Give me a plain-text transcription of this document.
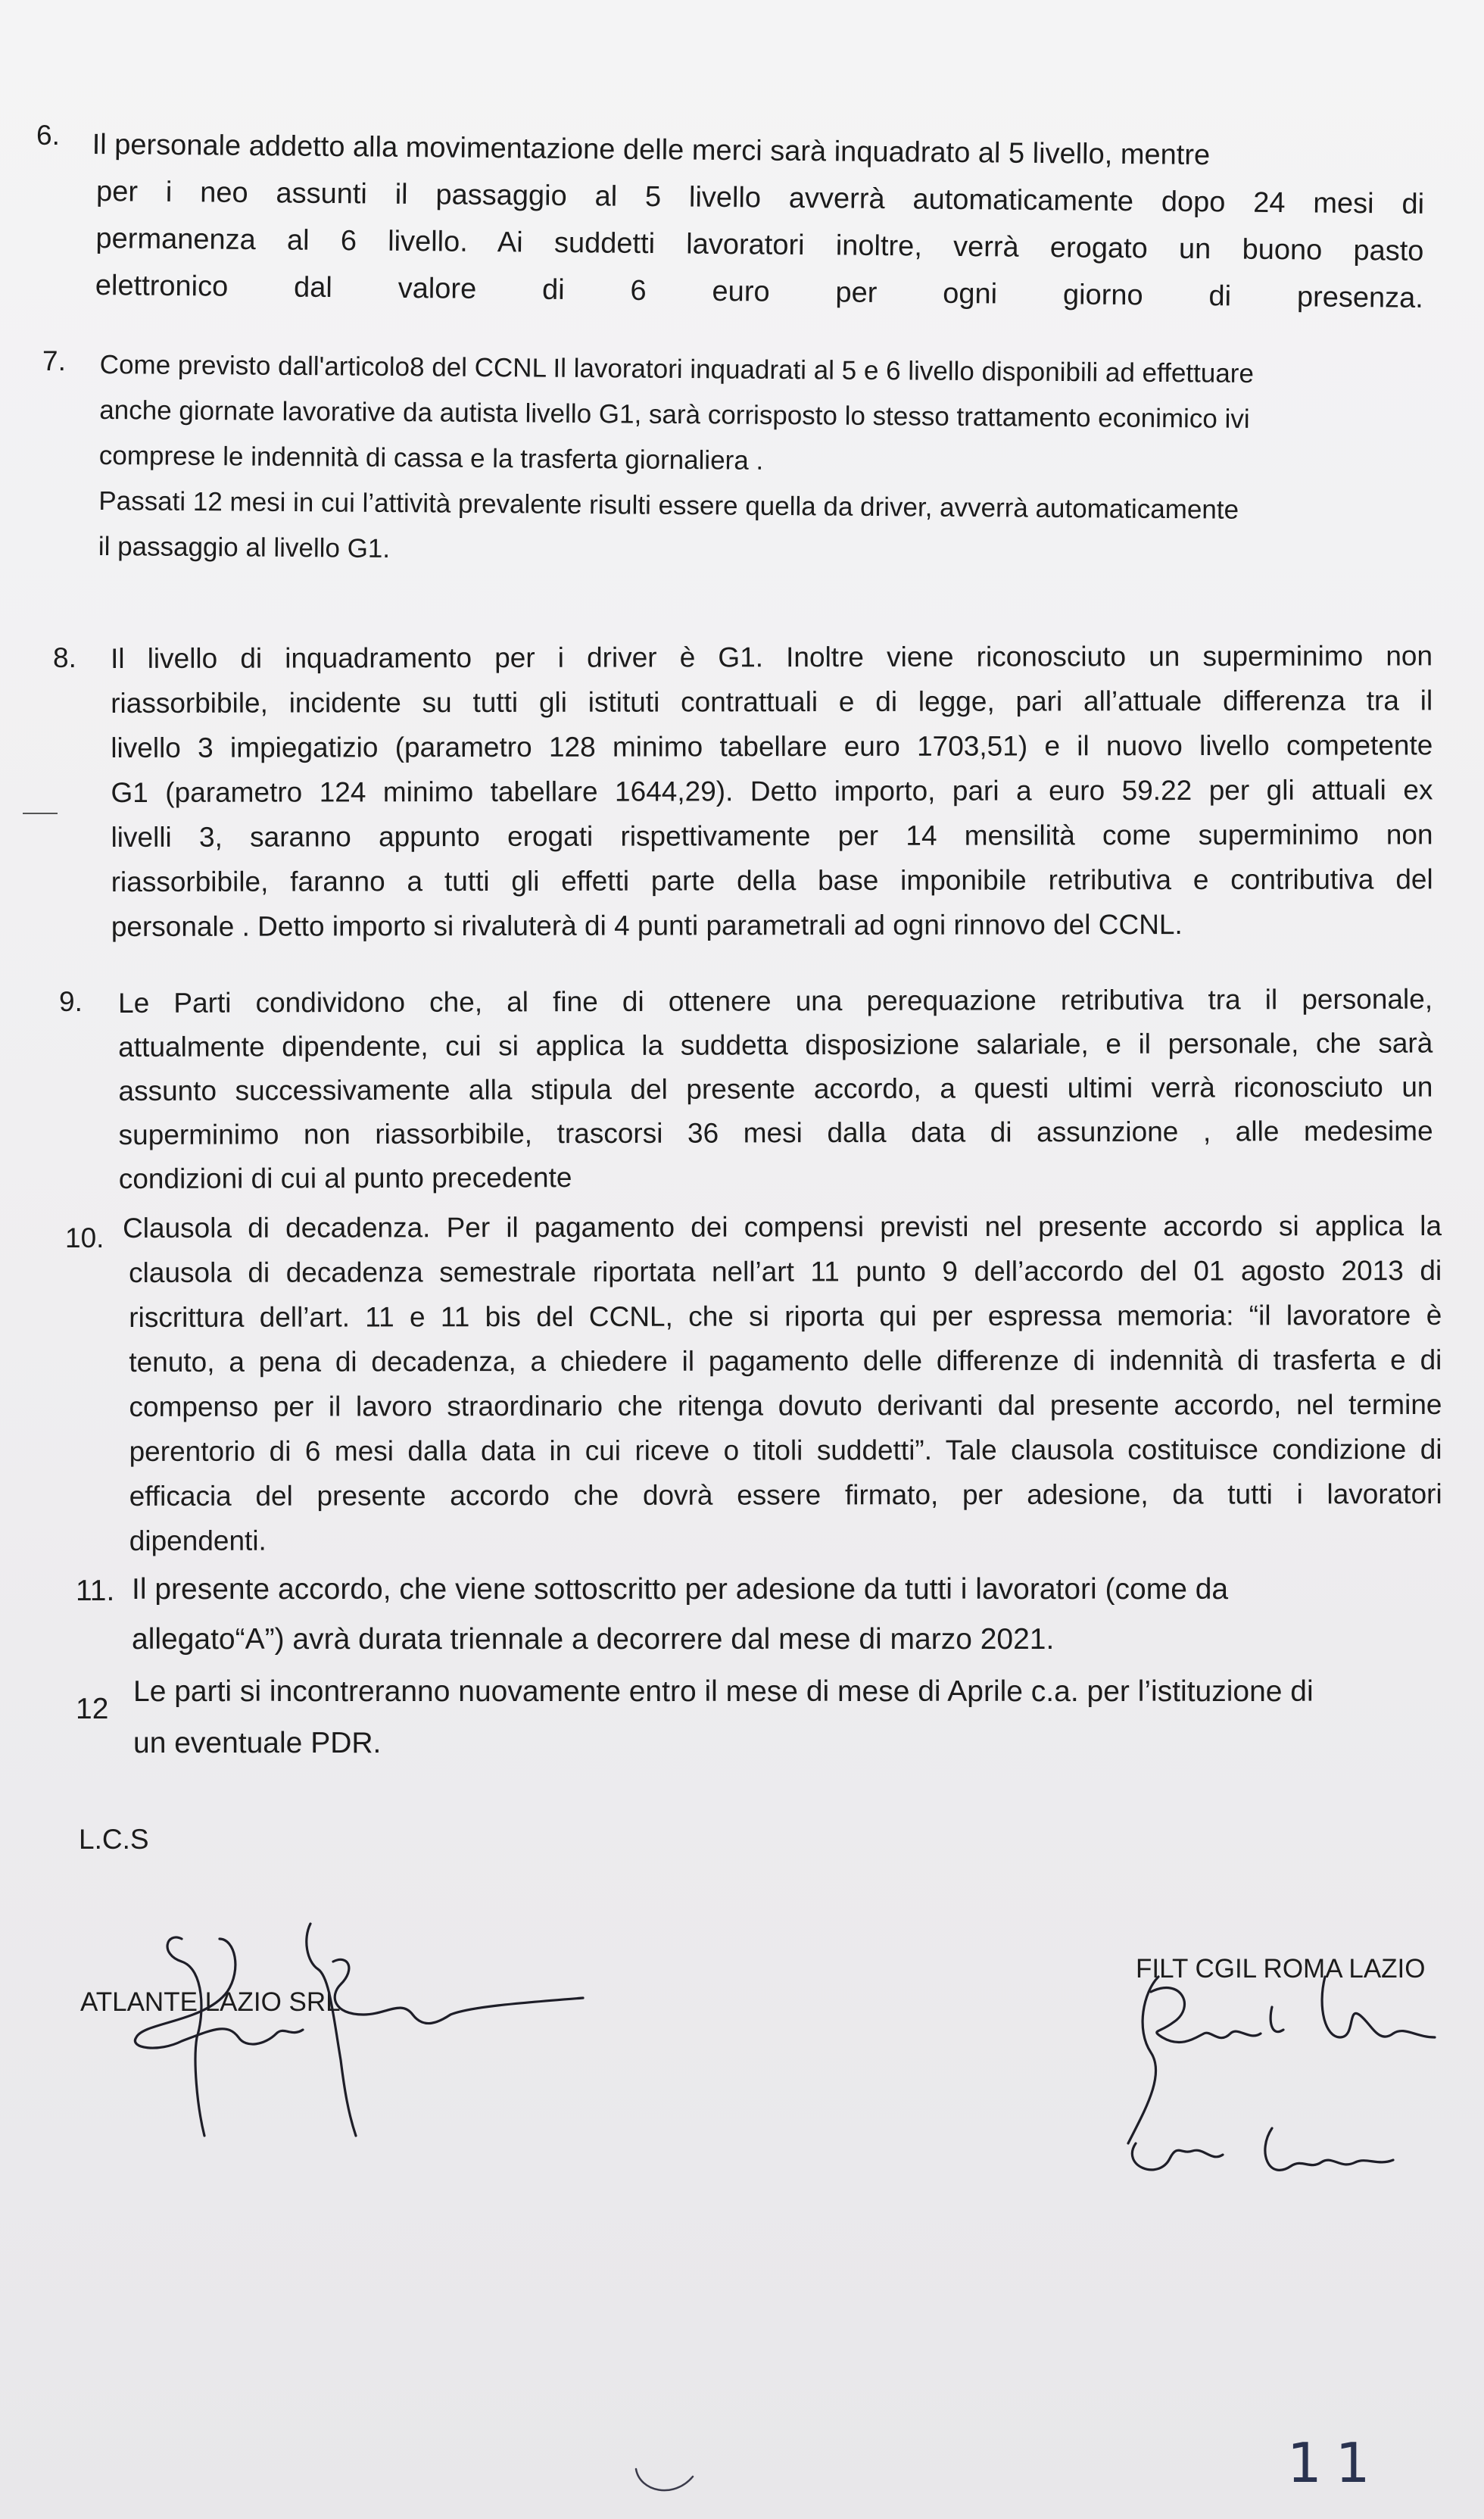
6. Il personale addetto alla movimentazione delle merci sarà inquadrato al 5 livello, mentre
per i neo assunti il passaggio al 5 livello avverrà automaticamente dopo 24 mesi di
permanenza al 6 livello. Ai suddetti lavoratori inoltre, verrà erogato un buono pasto
elettronico dal valore di 6 euro per ogni giorno di presenza.
7. Come previsto dall'articolo8 del CCNL Il lavoratori inquadrati al 5 e 6 livello disponibili ad effettuare
anche giornate lavorative da autista livello G1, sarà corrisposto lo stesso trattamento econimico ivi
comprese le indennità di cassa e la trasferta giornaliera .
Passati 12 mesi in cui l’attività prevalente risulti essere quella da driver, avverrà automaticamente
il passaggio al livello G1.
8. Il livello di inquadramento per i driver è G1. Inoltre viene riconosciuto un superminimo non
riassorbibile, incidente su tutti gli istituti contrattuali e di legge, pari all’attuale differenza tra il
livello 3 impiegatizio (parametro 128 minimo tabellare euro 1703,51) e il nuovo livello competente
G1 (parametro 124 minimo tabellare 1644,29). Detto importo, pari a euro 59.22 per gli attuali ex
livelli 3, saranno appunto erogati rispettivamente per 14 mensilità come superminimo non
riassorbibile, faranno a tutti gli effetti parte della base imponibile retributiva e contributiva del
personale . Detto importo si rivaluterà di 4 punti parametrali ad ogni rinnovo del CCNL.
9. Le Parti condividono che, al fine di ottenere una perequazione retributiva tra il personale,
attualmente dipendente, cui si applica la suddetta disposizione salariale, e il personale, che sarà
assunto successivamente alla stipula del presente accordo, a questi ultimi verrà riconosciuto un
superminimo non riassorbibile, trascorsi 36 mesi dalla data di assunzione , alle medesime
condizioni di cui al punto precedente
10. Clausola di decadenza. Per il pagamento dei compensi previsti nel presente accordo si applica la
clausola di decadenza semestrale riportata nell’art 11 punto 9 dell’accordo del 01 agosto 2013 di
riscrittura dell’art. 11 e 11 bis del CCNL, che si riporta qui per espressa memoria: “il lavoratore è
tenuto, a pena di decadenza, a chiedere il pagamento delle differenze di indennità di trasferta e di
compenso per il lavoro straordinario che ritenga dovuto derivanti dal presente accordo, nel termine
perentorio di 6 mesi dalla data in cui riceve o titoli suddetti”. Tale clausola costituisce condizione di
efficacia del presente accordo che dovrà essere firmato, per adesione, da tutti i lavoratori
dipendenti.
11. Il presente accordo, che viene sottoscritto per adesione da tutti i lavoratori (come da
allegato“A”) avrà durata triennale a decorrere dal mese di marzo 2021.
12
Le parti si incontreranno nuovamente entro il mese di mese di Aprile c.a. per l’istituzione di
un eventuale PDR.
L.C.S
ATLANTE LAZIO SRL
FILT CGIL ROMA LAZIO
11
